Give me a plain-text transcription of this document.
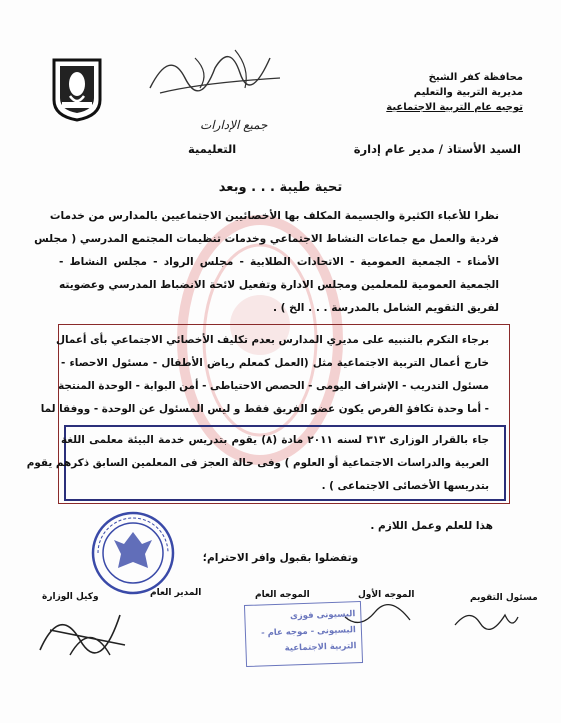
محافظة كفر الشيخ
مديرية التربية والتعليم
توجيه عام التربية الاجتماعية
جميع الإدارات
السيد الأستاذ / مدير عام إدارة
التعليمية
تحية طيبة . . . وبعد
نظرا للأعباء الكثيرة والجسيمة المكلف بها الأخصائيين الاجتماعيين بالمدارس من خدمات
فردية والعمل مع جماعات النشاط الاجتماعي وخدمات تنظيمات المجتمع المدرسي ( مجلس
الأمناء - الجمعية العمومية - الاتحادات الطلابية - مجلس الرواد - مجلس النشاط -
الجمعية العمومية للمعلمين ومجلس الادارة وتفعيل لائحة الانضباط المدرسي وعضويته
لفريق التقويم الشامل بالمدرسة . . . الخ ) .
برجاء التكرم بالتنبيه على مديري المدارس بعدم تكليف الأخصائي الاجتماعي بأى أعمال
خارج أعمال التربية الاجتماعية مثل (العمل كمعلم رياض الأطفال - مسئول الاحصاء -
مسئول التدريب - الإشراف اليومى - الحصص الاحتياطى - أمن البوابة - الوحدة المنتجة
- أما وحدة تكافؤ الفرص يكون عضو الفريق فقط و ليس المسئول عن الوحدة - ووفقا لما
جاء بالقرار الوزارى ٣١٣ لسنه ٢٠١١ مادة (٨) يقوم بتدريس خدمة البيئة معلمى اللغة
العربية والدراسات الاجتماعية أو العلوم ) وفى حالة العجز فى المعلمين السابق ذكرهم يقوم
بتدريسها الأخصائى الاجتماعى ) .
هذا للعلم وعمل اللازم .
وتفضلوا بقبول وافر الاحترام؛
مسئول التقويم
الموجه الأول
الموجه العام
المدير العام
وكيل الوزارة
البسيونى فوزى البسيونى - موجه عام - التربية الاجتماعية
